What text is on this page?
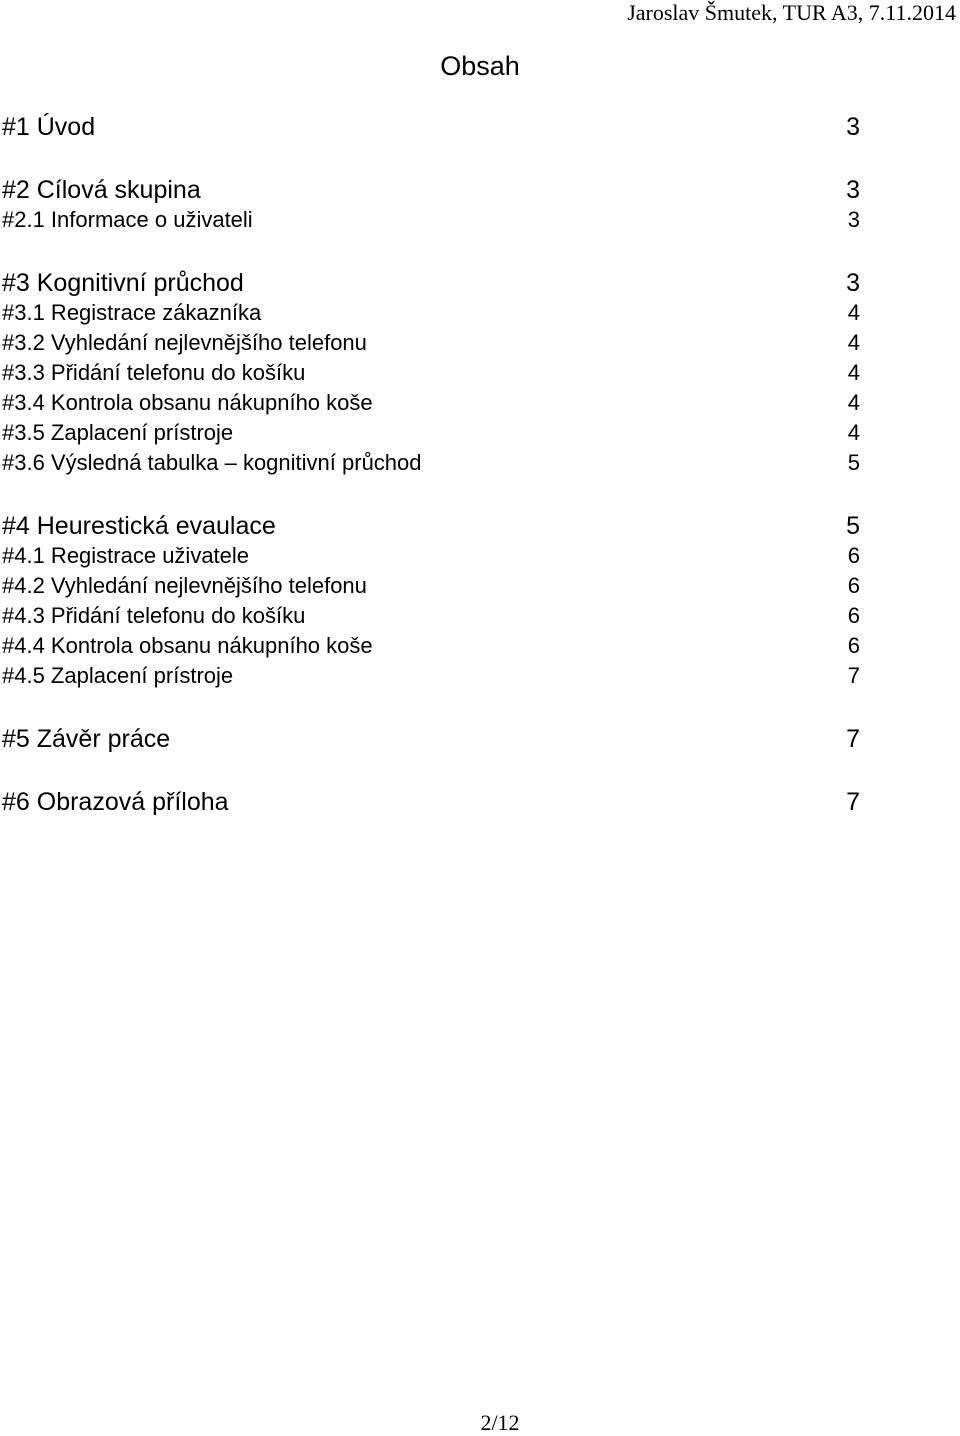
Jaroslav Šmutek, TUR A3, 7.11.2014
Obsah
#1 Úvod	3
#2 Cílová skupina	3
#2.1 Informace o uživateli	3
#3 Kognitivní průchod	3
#3.1 Registrace zákazníka	4
#3.2 Vyhledání nejlevnějšího telefonu	4
#3.3 Přidání telefonu do košíku	4
#3.4 Kontrola obsanu nákupního koše	4
#3.5 Zaplacení prístroje	4
#3.6 Výsledná tabulka – kognitivní průchod	5
#4 Heurestická evaulace	5
#4.1 Registrace uživatele	6
#4.2 Vyhledání nejlevnějšího telefonu	6
#4.3 Přidání telefonu do košíku	6
#4.4 Kontrola obsanu nákupního koše	6
#4.5 Zaplacení prístroje	7
#5 Závěr práce	7
#6 Obrazová příloha	7
2/12
